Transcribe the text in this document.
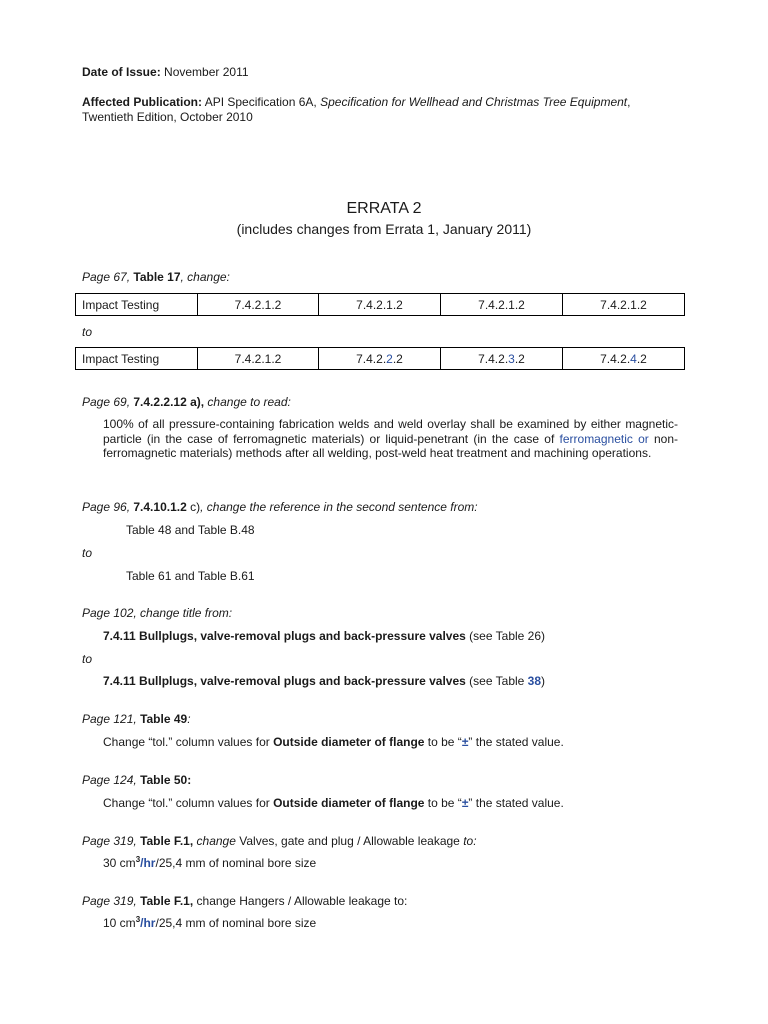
Date of Issue: November 2011
Affected Publication: API Specification 6A, Specification for Wellhead and Christmas Tree Equipment,
Twentieth Edition, October 2010
ERRATA 2
(includes changes from Errata 1, January 2011)
Page 67, Table 17, change:
Impact Testing	7.4.2.1.2	7.4.2.1.2	7.4.2.1.2	7.4.2.1.2
to
Impact Testing	7.4.2.1.2	7.4.2.2.2	7.4.2.3.2	7.4.2.4.2
Page 69, 7.4.2.2.12 a), change to read:
100% of all pressure-containing fabrication welds and weld overlay shall be examined by either magnetic-particle (in the case of ferromagnetic materials) or liquid-penetrant (in the case of ferromagnetic or non-ferromagnetic materials) methods after all welding, post-weld heat treatment and machining operations.
Page 96, 7.4.10.1.2 c), change the reference in the second sentence from:
Table 48 and Table B.48
to
Table 61 and Table B.61
Page 102, change title from:
7.4.11 Bullplugs, valve-removal plugs and back-pressure valves (see Table 26)
to
7.4.11 Bullplugs, valve-removal plugs and back-pressure valves (see Table 38)
Page 121, Table 49:
Change “tol.” column values for Outside diameter of flange to be “±” the stated value.
Page 124, Table 50:
Change “tol.” column values for Outside diameter of flange to be “±” the stated value.
Page 319, Table F.1, change Valves, gate and plug / Allowable leakage to:
30 $cm^3/hr/25,4$ mm of nominal bore size
Page 319, Table F.1, change Hangers / Allowable leakage to:
10 $cm^3/hr/25,4$ mm of nominal bore size
